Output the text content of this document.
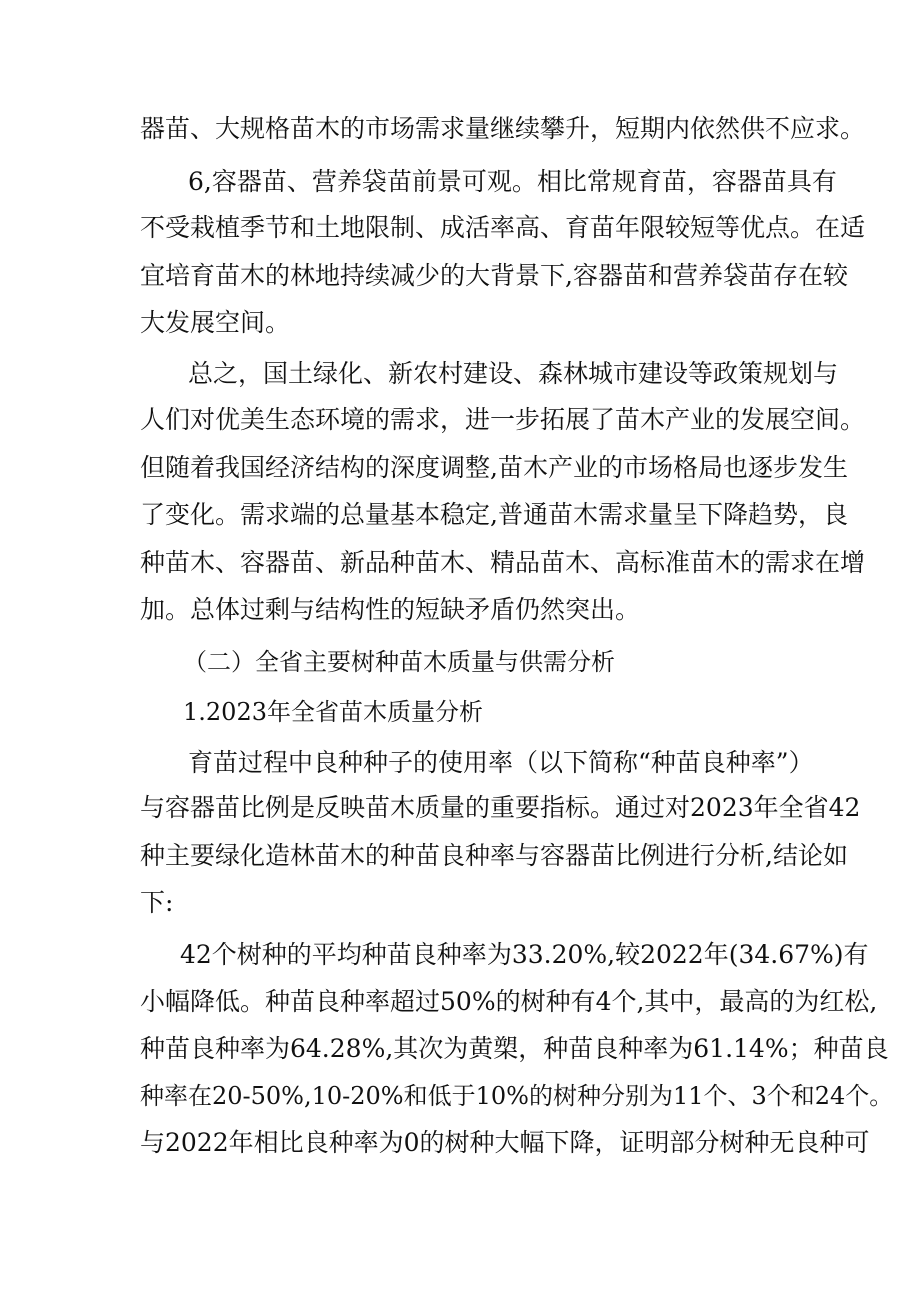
器苗、大规格苗木的市场需求量继续攀升，短期内依然供不应求。
6,容器苗、营养袋苗前景可观。相比常规育苗，容器苗具有
不受栽植季节和土地限制、成活率高、育苗年限较短等优点。在适
宜培育苗木的林地持续减少的大背景下,容器苗和营养袋苗存在较
大发展空间。
总之，国土绿化、新农村建设、森林城市建设等政策规划与
人们对优美生态环境的需求，进一步拓展了苗木产业的发展空间。
但随着我国经济结构的深度调整,苗木产业的市场格局也逐步发生
了变化。需求端的总量基本稳定,普通苗木需求量呈下降趋势，良
种苗木、容器苗、新品种苗木、精品苗木、高标准苗木的需求在增
加。总体过剩与结构性的短缺矛盾仍然突出。
（二）全省主要树种苗木质量与供需分析
1.2023年全省苗木质量分析
育苗过程中良种种子的使用率（以下简称“种苗良种率”）
与容器苗比例是反映苗木质量的重要指标。通过对2023年全省42
种主要绿化造林苗木的种苗良种率与容器苗比例进行分析,结论如
下:
42个树种的平均种苗良种率为33.20%,较2022年(34.67%)有
小幅降低。种苗良种率超过50%的树种有4个,其中，最高的为红松,
种苗良种率为64.28%,其次为黄槊，种苗良种率为61.14%；种苗良
种率在20-50%,10-20%和低于10%的树种分别为11个、3个和24个。
与2022年相比良种率为0的树种大幅下降，证明部分树种无良种可
